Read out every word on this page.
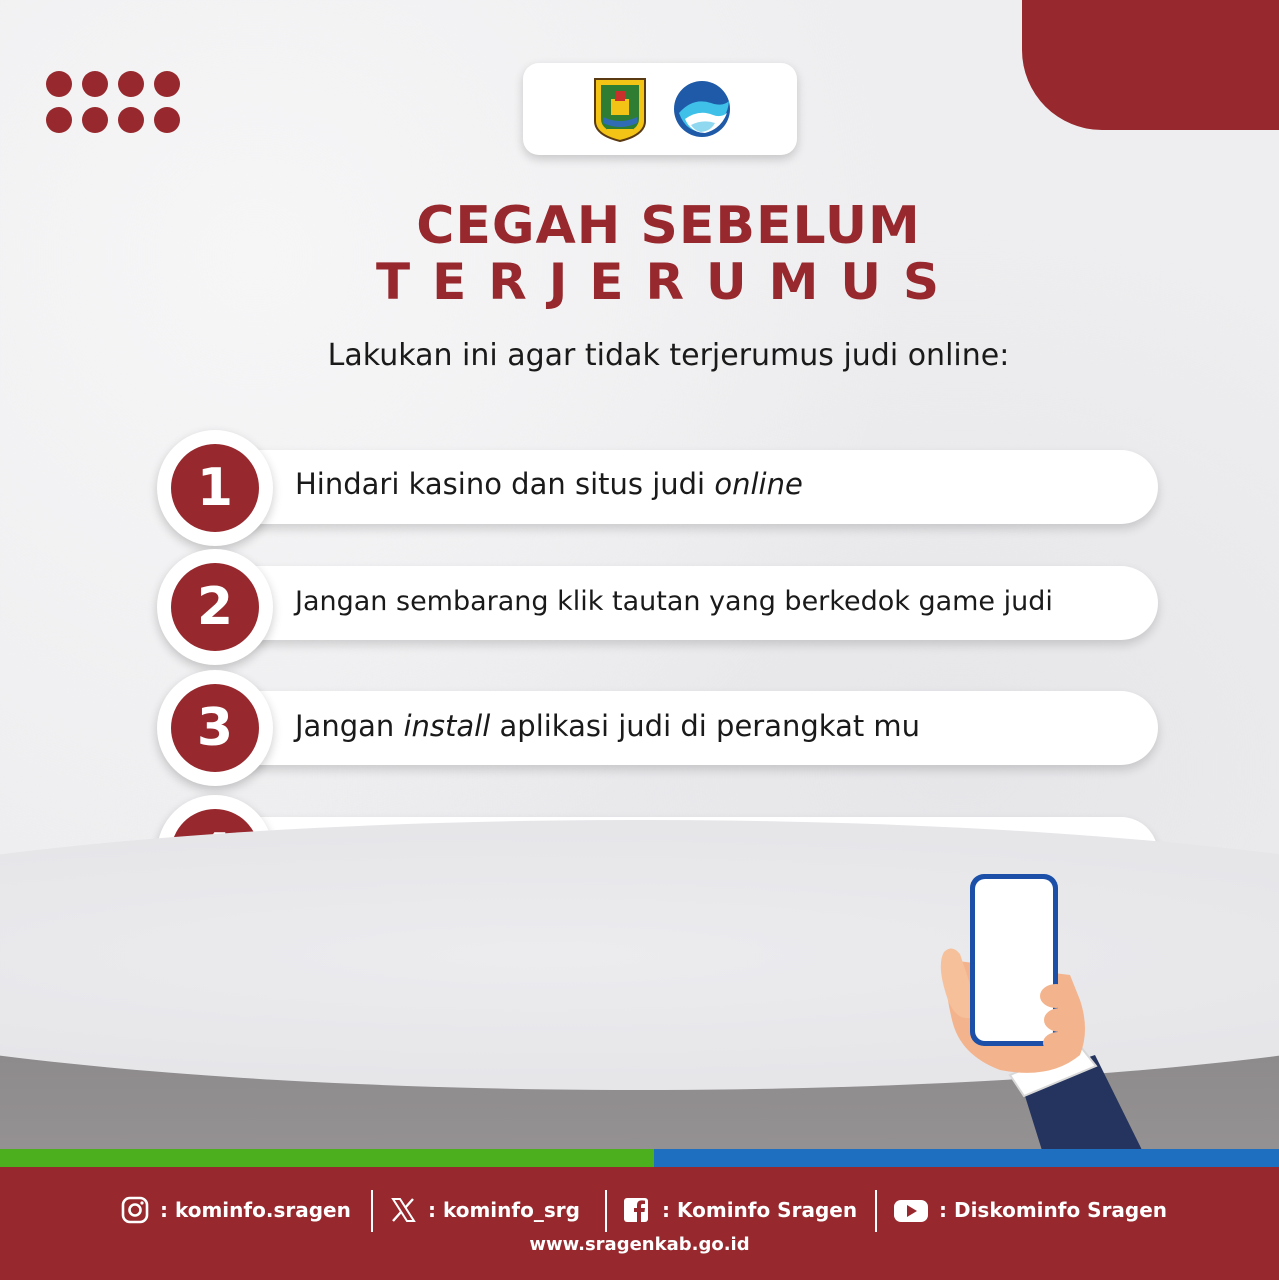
CEGAH SEBELUM
TERJERUMUS
Lakukan ini agar tidak terjerumus judi online:
Hindari kasino dan situs judi online
1
Jangan sembarang klik tautan yang berkedok game judi
2
Jangan install aplikasi judi di perangkat mu
3
: kominfo.sragen	: kominfo_srg	: Kominfo Sragen	: Diskominfo Sragen
www.sragenkab.go.id
